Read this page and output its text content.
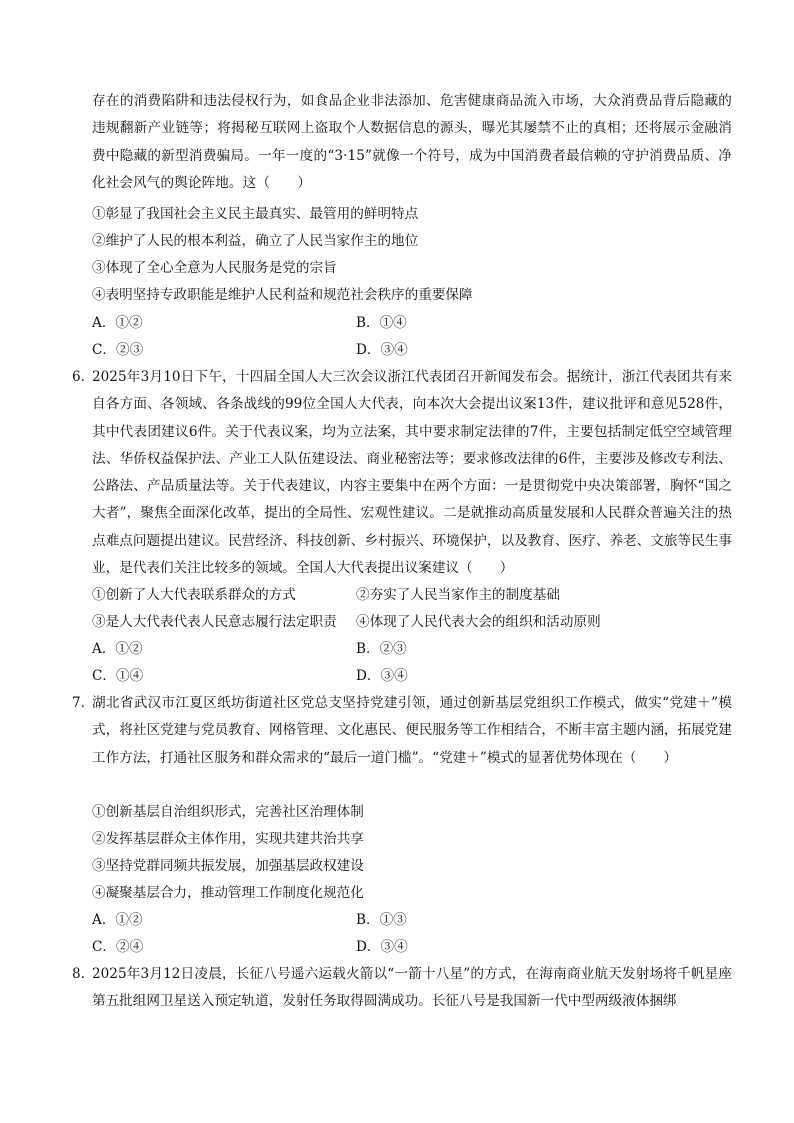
存在的消费陷阱和违法侵权行为，如食品企业非法添加、危害健康商品流入市场，大众消费品背后隐藏的违规翻新产业链等；将揭秘互联网上盗取个人数据信息的源头，曝光其屡禁不止的真相；还将展示金融消费中隐藏的新型消费骗局。一年一度的“3·15”就像一个符号，成为中国消费者最信赖的守护消费品质、净化社会风气的舆论阵地。这（　　）
①彰显了我国社会主义民主最真实、最管用的鲜明特点
②维护了人民的根本利益，确立了人民当家作主的地位
③体现了全心全意为人民服务是党的宗旨
④表明坚持专政职能是维护人民利益和规范社会秩序的重要保障
A．①②	B．①④
C．②③	D．③④
6．
2025年3月10日下午，十四届全国人大三次会议浙江代表团召开新闻发布会。据统计，浙江代表团共有来自各方面、各领域、各条战线的99位全国人大代表，向本次大会提出议案13件，建议批评和意见528件，其中代表团建议6件。关于代表议案，均为立法案，其中要求制定法律的7件，主要包括制定低空空域管理法、华侨权益保护法、产业工人队伍建设法、商业秘密法等；要求修改法律的6件，主要涉及修改专利法、公路法、产品质量法等。关于代表建议，内容主要集中在两个方面：一是贯彻党中央决策部署，胸怀“国之大者”，聚焦全面深化改革，提出的全局性、宏观性建议。二是就推动高质量发展和人民群众普遍关注的热点难点问题提出建议。民营经济、科技创新、乡村振兴、环境保护，以及教育、医疗、养老、文旅等民生事业，是代表们关注比较多的领域。全国人大代表提出议案建议（　　）
①创新了人大代表联系群众的方式	②夯实了人民当家作主的制度基础
③是人大代表代表人民意志履行法定职责 ④体现了人民代表大会的组织和活动原则
A．①②	B．②③
C．①④	D．③④
7．
湖北省武汉市江夏区纸坊街道社区党总支坚持党建引领，通过创新基层党组织工作模式，做实“党建＋”模式，将社区党建与党员教育、网格管理、文化惠民、便民服务等工作相结合，不断丰富主题内涵，拓展党建工作方法，打通社区服务和群众需求的“最后一道门槛”。“党建＋”模式的显著优势体现在（　　）
①创新基层自治组织形式，完善社区治理体制
②发挥基层群众主体作用，实现共建共治共享
③坚持党群同频共振发展，加强基层政权建设
④凝聚基层合力，推动管理工作制度化规范化
A．①②	B．①③
C．②④	D．③④
8．
2025年3月12日凌晨，长征八号遥六运载火箭以“一箭十八星”的方式，在海南商业航天发射场将千帆星座第五批组网卫星送入预定轨道，发射任务取得圆满成功。长征八号是我国新一代中型两级液体捆绑
